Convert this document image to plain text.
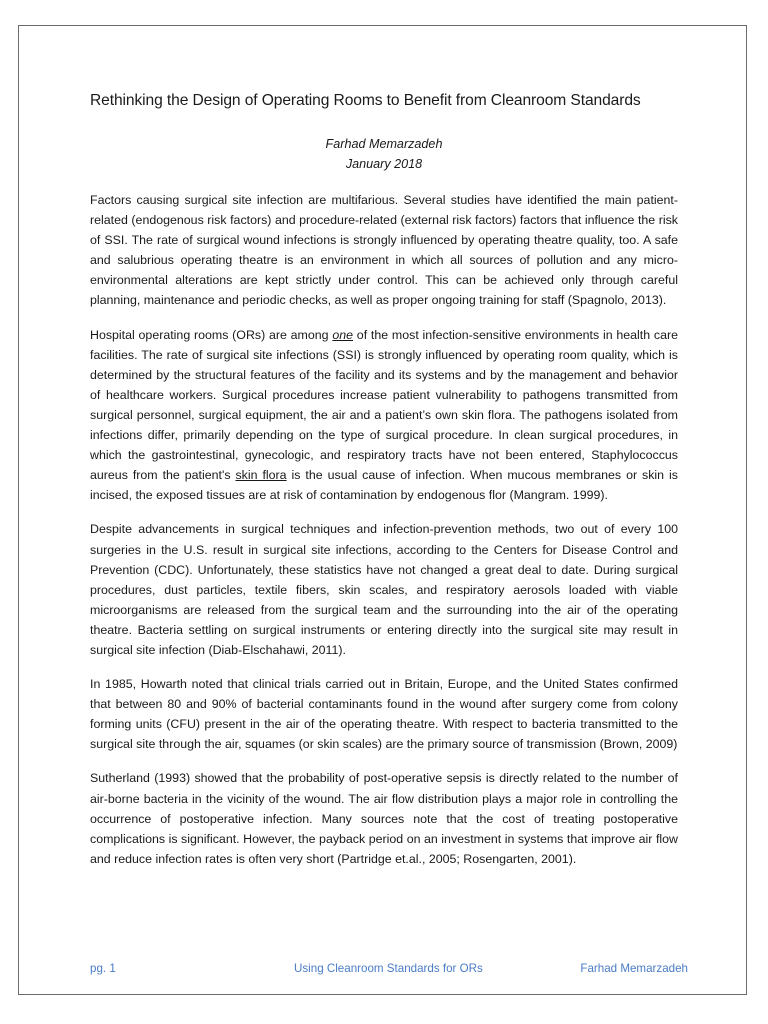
Rethinking the Design of Operating Rooms to Benefit from Cleanroom Standards
Farhad Memarzadeh
January 2018

Factors causing surgical site infection are multifarious. Several studies have identified the main patient-related (endogenous risk factors) and procedure-related (external risk factors) factors that influence the risk of SSI. The rate of surgical wound infections is strongly influenced by operating theatre quality, too. A safe and salubrious operating theatre is an environment in which all sources of pollution and any micro-environmental alterations are kept strictly under control. This can be achieved only through careful planning, maintenance and periodic checks, as well as proper ongoing training for staff (Spagnolo, 2013).

Hospital operating rooms (ORs) are among one of the most infection-sensitive environments in health care facilities. The rate of surgical site infections (SSI) is strongly influenced by operating room quality, which is determined by the structural features of the facility and its systems and by the management and behavior of healthcare workers. Surgical procedures increase patient vulnerability to pathogens transmitted from surgical personnel, surgical equipment, the air and a patient’s own skin flora. The pathogens isolated from infections differ, primarily depending on the type of surgical procedure. In clean surgical procedures, in which the gastrointestinal, gynecologic, and respiratory tracts have not been entered, Staphylococcus aureus from the patient's skin flora is the usual cause of infection. When mucous membranes or skin is incised, the exposed tissues are at risk of contamination by endogenous flor (Mangram. 1999).

Despite advancements in surgical techniques and infection-prevention methods, two out of every 100 surgeries in the U.S. result in surgical site infections, according to the Centers for Disease Control and Prevention (CDC). Unfortunately, these statistics have not changed a great deal to date. During surgical procedures, dust particles, textile fibers, skin scales, and respiratory aerosols loaded with viable microorganisms are released from the surgical team and the surrounding into the air of the operating theatre. Bacteria settling on surgical instruments or entering directly into the surgical site may result in surgical site infection (Diab-Elschahawi, 2011).

In 1985, Howarth noted that clinical trials carried out in Britain, Europe, and the United States confirmed that between 80 and 90% of bacterial contaminants found in the wound after surgery come from colony forming units (CFU) present in the air of the operating theatre. With respect to bacteria transmitted to the surgical site through the air, squames (or skin scales) are the primary source of transmission (Brown, 2009)

Sutherland (1993) showed that the probability of post-operative sepsis is directly related to the number of air-borne bacteria in the vicinity of the wound. The air flow distribution plays a major role in controlling the occurrence of postoperative infection. Many sources note that the cost of treating postoperative complications is significant. However, the payback period on an investment in systems that improve air flow and reduce infection rates is often very short (Partridge et.al., 2005; Rosengarten, 2001).

pg. 1	Using Cleanroom Standards for ORs	Farhad Memarzadeh
